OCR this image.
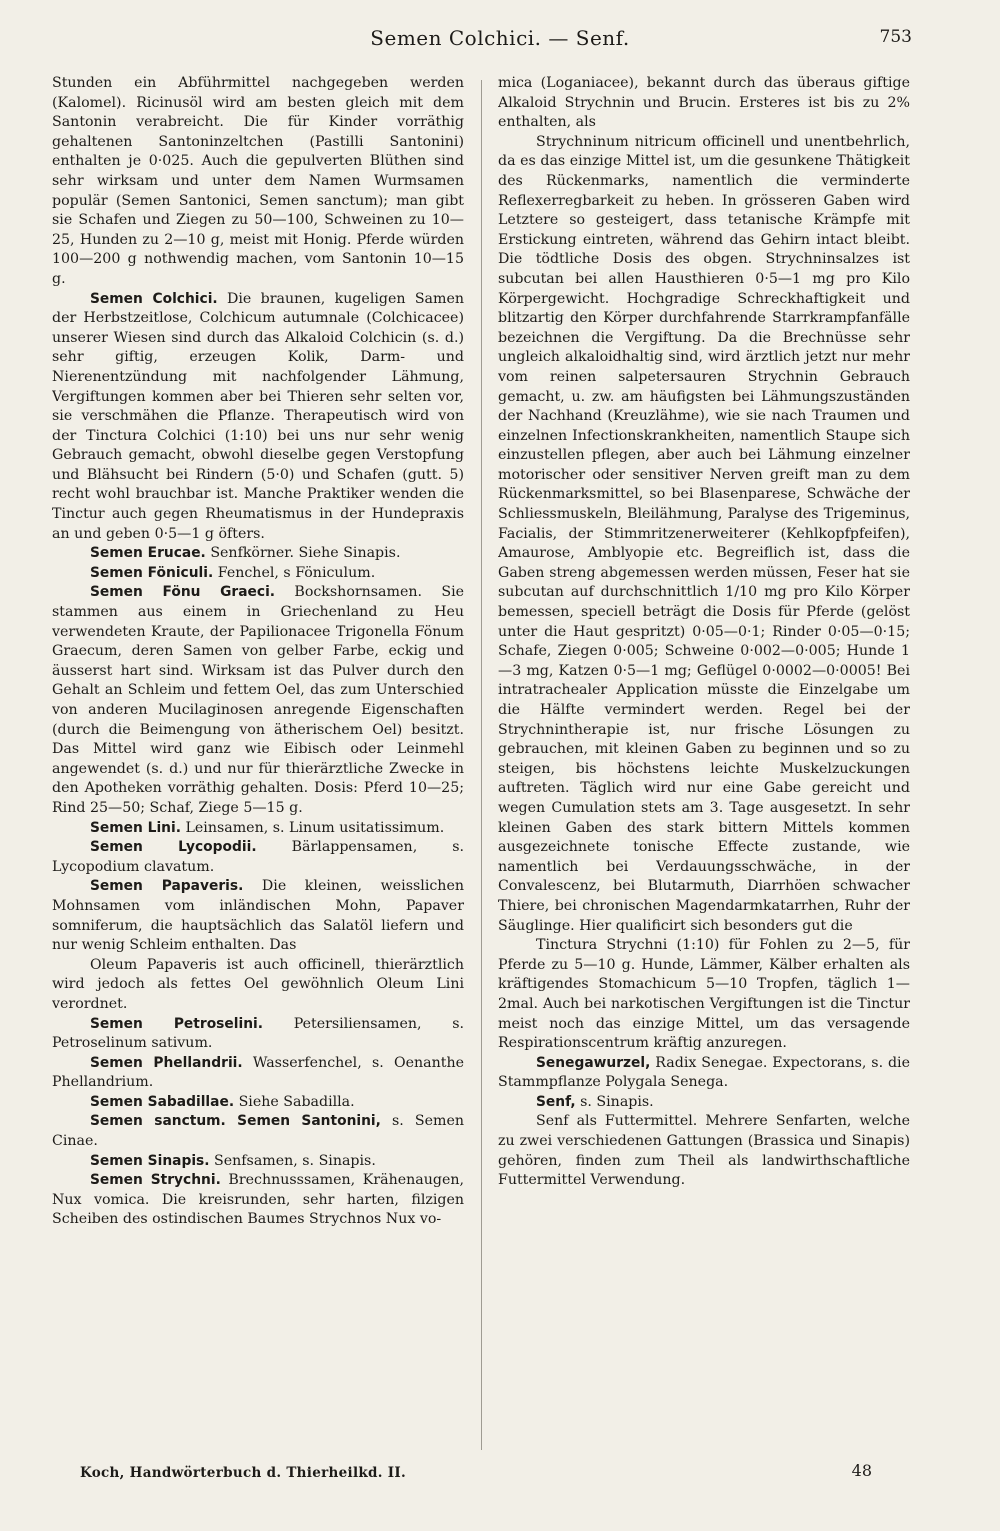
Semen Colchici. — Senf.	753

Stunden ein Abführmittel nachgegeben werden (Kalomel). Ricinusöl wird am besten gleich mit dem Santonin verabreicht. Die für Kinder vorräthig gehaltenen Santoninzeltchen (Pastilli Santonini) enthalten je 0·025. Auch die gepulverten Blüthen sind sehr wirksam und unter dem Namen Wurmsamen populär (Semen Santonici, Semen sanctum); man gibt sie Schafen und Ziegen zu 50—100, Schweinen zu 10—25, Hunden zu 2—10 g, meist mit Honig. Pferde würden 100—200 g nothwendig machen, vom Santonin 10—15 g.

Semen Colchici. Die braunen, kugeligen Samen der Herbstzeitlose, Colchicum autumnale (Colchicacee) unserer Wiesen sind durch das Alkaloid Colchicin (s. d.) sehr giftig, erzeugen Kolik, Darm- und Nierenentzündung mit nachfolgender Lähmung, Vergiftungen kommen aber bei Thieren sehr selten vor, sie verschmähen die Pflanze. Therapeutisch wird von der Tinctura Colchici (1:10) bei uns nur sehr wenig Gebrauch gemacht, obwohl dieselbe gegen Verstopfung und Blähsucht bei Rindern (5·0) und Schafen (gutt. 5) recht wohl brauchbar ist. Manche Praktiker wenden die Tinctur auch gegen Rheumatismus in der Hundepraxis an und geben 0·5—1 g öfters.

Semen Erucae. Senfkörner. Siehe Sinapis.

Semen Föniculi. Fenchel, s Föniculum.

Semen Fönu Graeci. Bockshornsamen. Sie stammen aus einem in Griechenland zu Heu verwendeten Kraute, der Papilionacee Trigonella Fönum Graecum, deren Samen von gelber Farbe, eckig und äusserst hart sind. Wirksam ist das Pulver durch den Gehalt an Schleim und fettem Oel, das zum Unterschied von anderen Mucilaginosen anregende Eigenschaften (durch die Beimengung von ätherischem Oel) besitzt. Das Mittel wird ganz wie Eibisch oder Leinmehl angewendet (s. d.) und nur für thierärztliche Zwecke in den Apotheken vorräthig gehalten. Dosis: Pferd 10—25; Rind 25—50; Schaf, Ziege 5—15 g.

Semen Lini. Leinsamen, s. Linum usitatissimum.

Semen Lycopodii. Bärlappensamen, s. Lycopodium clavatum.

Semen Papaveris. Die kleinen, weisslichen Mohnsamen vom inländischen Mohn, Papaver somniferum, die hauptsächlich das Salatöl liefern und nur wenig Schleim enthalten. Das

Oleum Papaveris ist auch officinell, thierärztlich wird jedoch als fettes Oel gewöhnlich Oleum Lini verordnet.

Semen Petroselini. Petersiliensamen, s. Petroselinum sativum.

Semen Phellandrii. Wasserfenchel, s. Oenanthe Phellandrium.

Semen Sabadillae. Siehe Sabadilla.

Semen sanctum. Semen Santonini, s. Semen Cinae.

Semen Sinapis. Senfsamen, s. Sinapis.

Semen Strychni. Brechnusssamen, Krähenaugen, Nux vomica. Die kreisrunden, sehr harten, filzigen Scheiben des ostindischen Baumes Strychnos Nux vo-

mica (Loganiacee), bekannt durch das überaus giftige Alkaloid Strychnin und Brucin. Ersteres ist bis zu 2% enthalten, als

Strychninum nitricum officinell und unentbehrlich, da es das einzige Mittel ist, um die gesunkene Thätigkeit des Rückenmarks, namentlich die verminderte Reflexerregbarkeit zu heben. In grösseren Gaben wird Letztere so gesteigert, dass tetanische Krämpfe mit Erstickung eintreten, während das Gehirn intact bleibt. Die tödtliche Dosis des obgen. Strychninsalzes ist subcutan bei allen Hausthieren 0·5—1 mg pro Kilo Körpergewicht. Hochgradige Schreckhaftigkeit und blitzartig den Körper durchfahrende Starrkrampfanfälle bezeichnen die Vergiftung. Da die Brechnüsse sehr ungleich alkaloidhaltig sind, wird ärztlich jetzt nur mehr vom reinen salpetersauren Strychnin Gebrauch gemacht, u. zw. am häufigsten bei Lähmungszuständen der Nachhand (Kreuzlähme), wie sie nach Traumen und einzelnen Infectionskrankheiten, namentlich Staupe sich einzustellen pflegen, aber auch bei Lähmung einzelner motorischer oder sensitiver Nerven greift man zu dem Rückenmarksmittel, so bei Blasenparese, Schwäche der Schliessmuskeln, Bleilähmung, Paralyse des Trigeminus, Facialis, der Stimmritzenerweiterer (Kehlkopfpfeifen), Amaurose, Amblyopie etc. Begreiflich ist, dass die Gaben streng abgemessen werden müssen, Feser hat sie subcutan auf durchschnittlich 1/10 mg pro Kilo Körper bemessen, speciell beträgt die Dosis für Pferde (gelöst unter die Haut gespritzt) 0·05—0·1; Rinder 0·05—0·15; Schafe, Ziegen 0·005; Schweine 0·002—0·005; Hunde 1—3 mg, Katzen 0·5—1 mg; Geflügel 0·0002—0·0005! Bei intratrachealer Application müsste die Einzelgabe um die Hälfte vermindert werden. Regel bei der Strychnintherapie ist, nur frische Lösungen zu gebrauchen, mit kleinen Gaben zu beginnen und so zu steigen, bis höchstens leichte Muskelzuckungen auftreten. Täglich wird nur eine Gabe gereicht und wegen Cumulation stets am 3. Tage ausgesetzt. In sehr kleinen Gaben des stark bittern Mittels kommen ausgezeichnete tonische Effecte zustande, wie namentlich bei Verdauungsschwäche, in der Convalescenz, bei Blutarmuth, Diarrhöen schwacher Thiere, bei chronischen Magendarmkatarrhen, Ruhr der Säuglinge. Hier qualificirt sich besonders gut die

Tinctura Strychni (1:10) für Fohlen zu 2—5, für Pferde zu 5—10 g. Hunde, Lämmer, Kälber erhalten als kräftigendes Stomachicum 5—10 Tropfen, täglich 1—2mal. Auch bei narkotischen Vergiftungen ist die Tinctur meist noch das einzige Mittel, um das versagende Respirationscentrum kräftig anzuregen.

Senegawurzel, Radix Senegae. Expectorans, s. die Stammpflanze Polygala Senega.

Senf, s. Sinapis.

Senf als Futtermittel. Mehrere Senfarten, welche zu zwei verschiedenen Gattungen (Brassica und Sinapis) gehören, finden zum Theil als landwirthschaftliche Futtermittel Verwendung.

Koch, Handwörterbuch d. Thierheilkd. II.	48
